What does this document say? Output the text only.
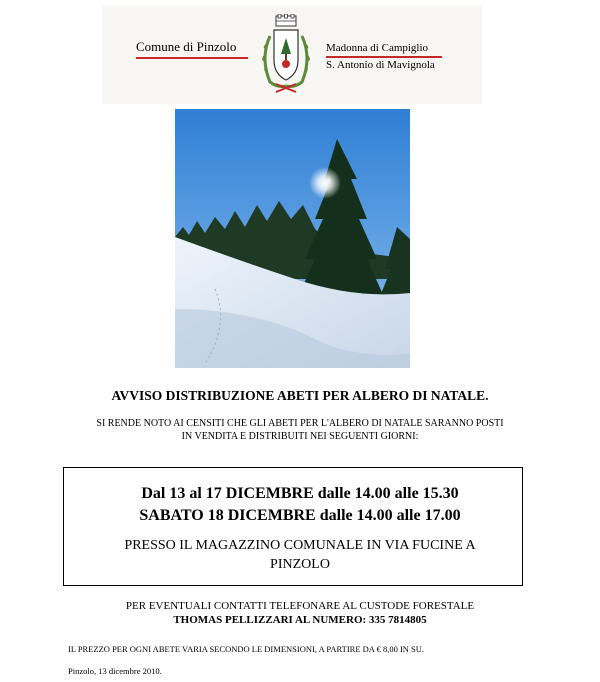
Comune di Pinzolo	Madonna di Campiglio
S. Antonio di Mavignola
AVVISO DISTRIBUZIONE ABETI PER ALBERO DI NATALE.
SI RENDE NOTO AI CENSITI CHE GLI ABETI PER L'ALBERO DI NATALE SARANNO POSTI
IN VENDITA E DISTRIBUITI NEI SEGUENTI GIORNI:
Dal 13 al 17 DICEMBRE dalle 14.00 alle 15.30
SABATO 18 DICEMBRE dalle 14.00 alle 17.00
PRESSO IL MAGAZZINO COMUNALE IN VIA FUCINE A
PINZOLO
PER EVENTUALI CONTATTI TELEFONARE AL CUSTODE FORESTALE
THOMAS PELLIZZARI AL NUMERO: 335 7814805
IL PREZZO PER OGNI ABETE VARIA SECONDO LE DIMENSIONI, A PARTIRE DA € 8,00 IN SU.
Pinzolo, 13 dicembre 2010.
